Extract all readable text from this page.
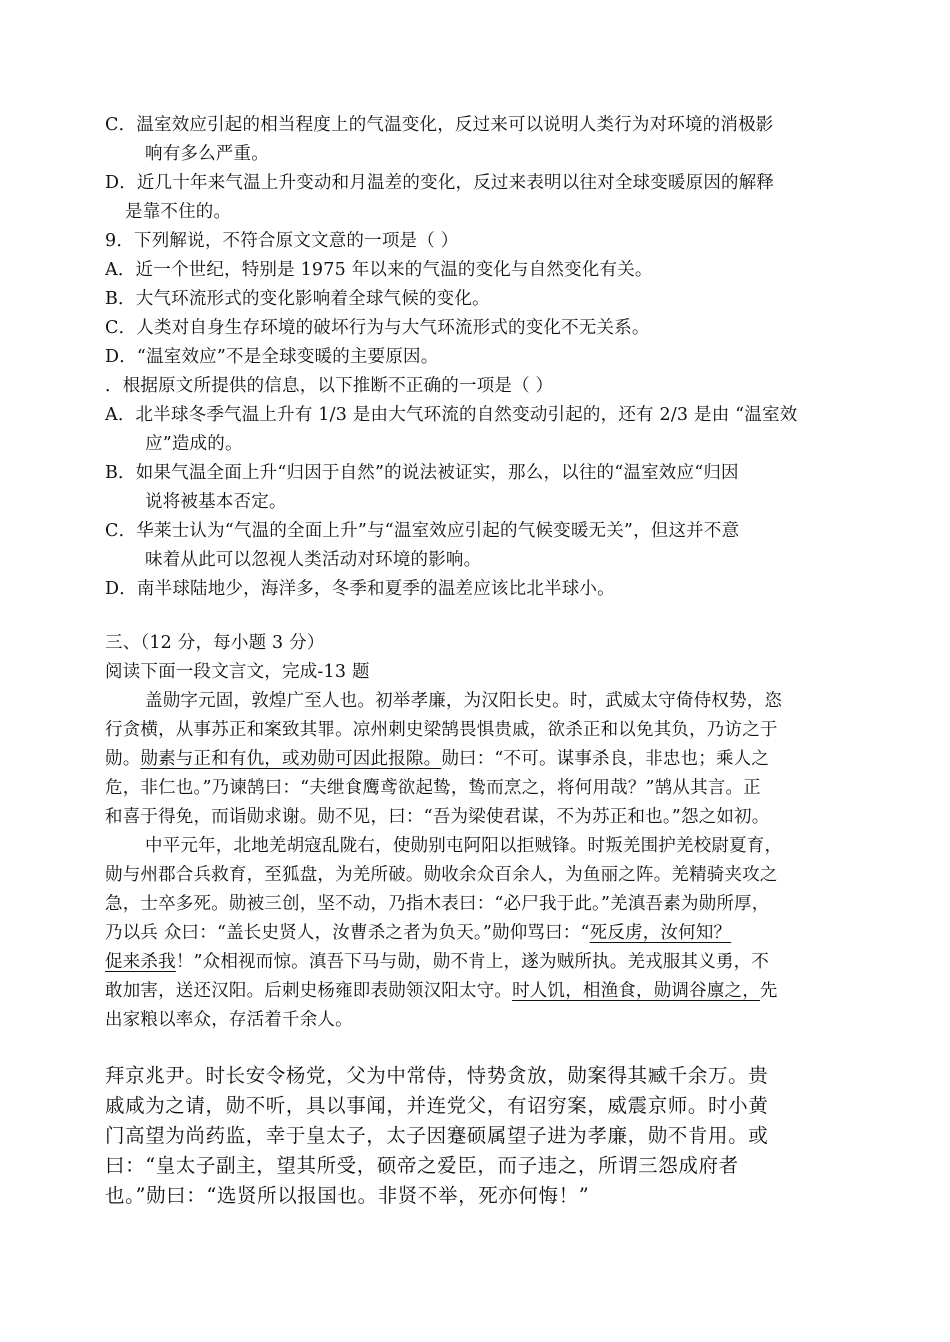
C．温室效应引起的相当程度上的气温变化，反过来可以说明人类行为对环境的消极影
响有多么严重。
D．近几十年来气温上升变动和月温差的变化，反过来表明以往对全球变暖原因的解释
是靠不住的。
9．下列解说，不符合原文文意的一项是（ ）
A．近一个世纪，特别是 1975 年以来的气温的变化与自然变化有关。
B．大气环流形式的变化影响着全球气候的变化。
C．人类对自身生存环境的破坏行为与大气环流形式的变化不无关系。
D．“温室效应”不是全球变暖的主要原因。
．根据原文所提供的信息，以下推断不正确的一项是（ ）
A．北半球冬季气温上升有 1/3 是由大气环流的自然变动引起的，还有 2/3 是由 “温室效
应”造成的。
B．如果气温全面上升“归因于自然”的说法被证实，那么，以往的“温室效应“归因
说将被基本否定。
C．华莱士认为“气温的全面上升”与“温室效应引起的气候变暖无关”，但这并不意
味着从此可以忽视人类活动对环境的影响。
D．南半球陆地少，海洋多，冬季和夏季的温差应该比北半球小。
三、（12 分，每小题 3 分）
阅读下面一段文言文，完成-13 题
盖勋字元固，敦煌广至人也。初举孝廉，为汉阳长史。时，武威太守倚侍权势，恣
行贪横，从事苏正和案致其罪。凉州刺史梁鹄畏惧贵戚，欲杀正和以免其负，乃访之于
勋。勋素与正和有仇，或劝勋可因此报隙。勋曰：“不可。谋事杀良，非忠也；乘人之
危，非仁也。”乃谏鹄曰：“夫绁食鹰鸢欲起鸷，鸷而烹之，将何用哉？”鹄从其言。正
和喜于得免，而诣勋求谢。勋不见，曰：“吾为梁使君谋，不为苏正和也。”怨之如初。
中平元年，北地羌胡寇乱陇右，使勋别屯阿阳以拒贼锋。时叛羌围护羌校尉夏育，
勋与州郡合兵救育，至狐盘，为羌所破。勋收余众百余人，为鱼丽之阵。羌精骑夹攻之
急，士卒多死。勋被三创，坚不动，乃指木表曰：“必尸我于此。”羌滇吾素为勋所厚，
乃以兵 众曰：“盖长史贤人，汝曹杀之者为负天。”勋仰骂曰：“死反虏，汝何知？
促来杀我！”众相视而惊。滇吾下马与勋，勋不肯上，遂为贼所执。羌戎服其义勇，不
敢加害，送还汉阳。后刺史杨雍即表勋领汉阳太守。时人饥，相渔食，勋调谷廪之，先
出家粮以率众，存活着千余人。
拜京兆尹。时长安令杨党，父为中常侍，恃势贪放，勋案得其臧千余万。贵
戚咸为之请，勋不听，具以事闻，并连党父，有诏穷案，威震京师。时小黄
门高望为尚药监，幸于皇太子，太子因蹇硕属望子进为孝廉，勋不肯用。或
曰：“皇太子副主，望其所受，硕帝之爱臣，而子违之，所谓三怨成府者
也。”勋曰：“选贤所以报国也。非贤不举，死亦何悔！”
